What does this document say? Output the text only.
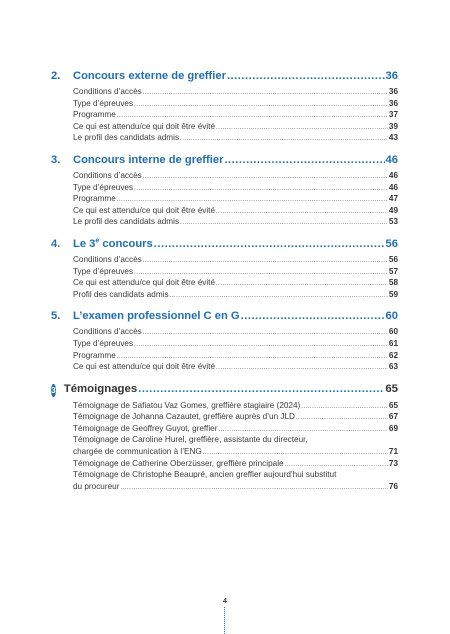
2.	Concours externe de greffier .....	36
Conditions d’accès .....	36
Type d’épreuves .....	36
Programme .....	37
Ce qui est attendu/ce qui doit être évité .....	39
Le profil des candidats admis .....	43
3.	Concours interne de greffier .....	46
Conditions d’accès .....	46
Type d’épreuves .....	46
Programme .....	47
Ce qui est attendu/ce qui doit être évité .....	49
Le profil des candidats admis .....	53
4.	Le 3e concours .....	56
Conditions d’accès .....	56
Type d’épreuves .....	57
Ce qui est attendu/ce qui doit être évité .....	58
Profil des candidats admis .....	59
5.	L’examen professionnel C en G .....	60
Conditions d’accès .....	60
Type d’épreuves .....	61
Programme .....	62
Ce qui est attendu/ce qui doit être évité .....	63
3 Témoignages .....	65
Témoignage de Safiatou Vaz Gomes, greffière stagiaire (2024) .....	65
Témoignage de Johanna Cazautet, greffière auprès d’un JLD .....	67
Témoignage de Geoffrey Guyot, greffier .....	69
Témoignage de Caroline Hurel, greffière, assistante du directeur,
chargée de communication à l’ENG .....	71
Témoignage de Catherine Oberzüsser, greffière principale .....	73
Témoignage de Christophe Beaupré, ancien greffier aujourd’hui substitut
du procureur .....	76
4
